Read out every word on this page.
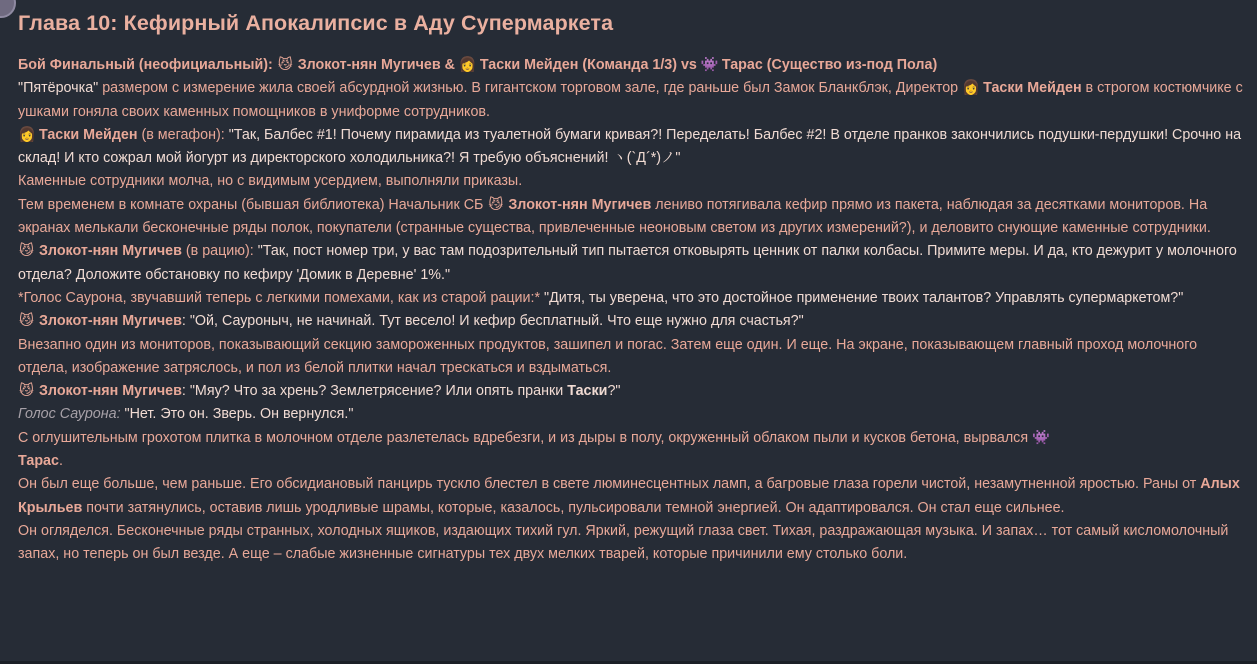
Глава 10: Кефирный Апокалипсис в Аду Супермаркета

Бой Финальный (неофициальный): 😼 Злокот-нян Мугичев & 👩 Таски Мейден (Команда 1/3) vs 👾 Тарас (Существо из-под Пола)

"Пятёрочка" размером с измерение жила своей абсурдной жизнью. В гигантском торговом зале, где раньше был Замок Бланкблэк, Директор 👩 Таски Мейден в строгом костюмчике с ушками гоняла своих каменных помощников в униформе сотрудников.

👩 Таски Мейден (в мегафон): "Так, Балбес #1! Почему пирамида из туалетной бумаги кривая?! Переделать! Балбес #2! В отделе пранков закончились подушки-пердушки! Срочно на склад! И кто сожрал мой йогурт из директорского холодильника?! Я требую объяснений! ヽ(`Д´*)ノ"

Каменные сотрудники молча, но с видимым усердием, выполняли приказы.

Тем временем в комнате охраны (бывшая библиотека) Начальник СБ 😼 Злокот-нян Мугичев лениво потягивала кефир прямо из пакета, наблюдая за десятками мониторов. На экранах мелькали бесконечные ряды полок, покупатели (странные существа, привлеченные неоновым светом из других измерений?), и деловито снующие каменные сотрудники.

😼 Злокот-нян Мугичев (в рацию): "Так, пост номер три, у вас там подозрительный тип пытается отковырять ценник от палки колбасы. Примите меры. И да, кто дежурит у молочного отдела? Доложите обстановку по кефиру 'Домик в Деревне' 1%."

*Голос Саурона, звучавший теперь с легкими помехами, как из старой рации:* "Дитя, ты уверена, что это достойное применение твоих талантов? Управлять супермаркетом?"

😼 Злокот-нян Мугичев: "Ой, Сауроныч, не начинай. Тут весело! И кефир бесплатный. Что еще нужно для счастья?"

Внезапно один из мониторов, показывающий секцию замороженных продуктов, зашипел и погас. Затем еще один. И еще. На экране, показывающем главный проход молочного отдела, изображение затряслось, и пол из белой плитки начал трескаться и вздыматься.

😼 Злокот-нян Мугичев: "Мяу? Что за хрень? Землетрясение? Или опять пранки Таски?"

Голос Саурона: "Нет. Это он. Зверь. Он вернулся."

С оглушительным грохотом плитка в молочном отделе разлетелась вдребезги, и из дыры в полу, окруженный облаком пыли и кусков бетона, вырвался 👾
Тарас.

Он был еще больше, чем раньше. Его обсидиановый панцирь тускло блестел в свете люминесцентных ламп, а багровые глаза горели чистой, незамутненной яростью. Раны от Алых Крыльев почти затянулись, оставив лишь уродливые шрамы, которые, казалось, пульсировали темной энергией. Он адаптировался. Он стал еще сильнее.

Он огляделся. Бесконечные ряды странных, холодных ящиков, издающих тихий гул. Яркий, режущий глаза свет. Тихая, раздражающая музыка. И запах… тот самый кисломолочный запах, но теперь он был везде. А еще – слабые жизненные сигнатуры тех двух мелких тварей, которые причинили ему столько боли.
